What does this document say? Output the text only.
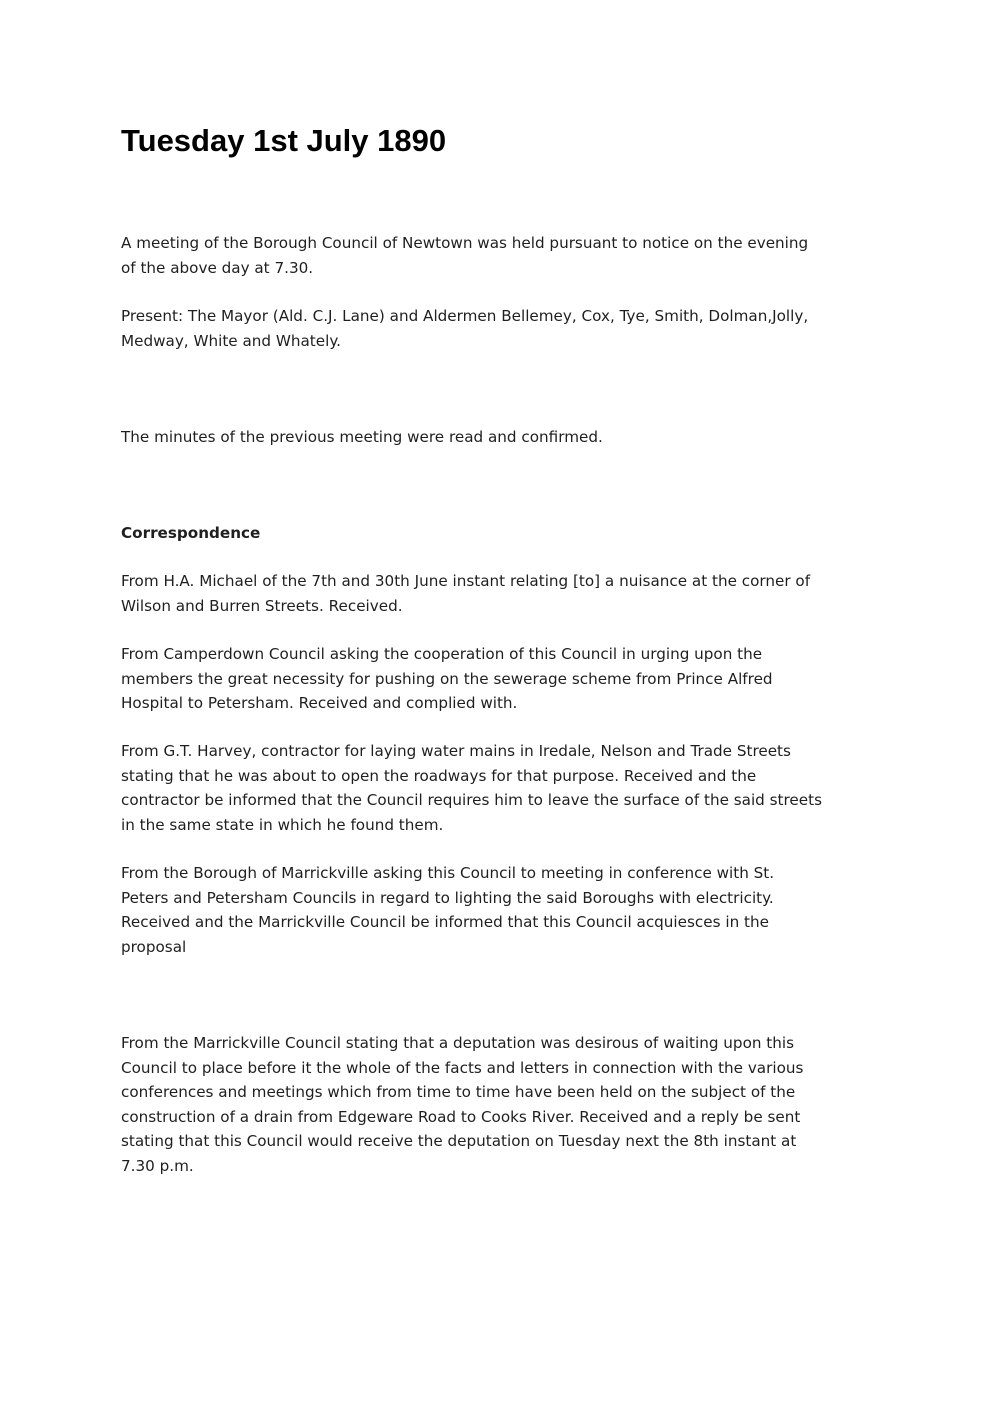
Tuesday 1st July 1890

A meeting of the Borough Council of Newtown was held pursuant to notice on the evening
of the above day at 7.30.

Present: The Mayor (Ald. C.J. Lane) and Aldermen Bellemey, Cox, Tye, Smith, Dolman,Jolly,
Medway, White and Whately.

The minutes of the previous meeting were read and confirmed.

Correspondence

From H.A. Michael of the 7th and 30th June instant relating [to] a nuisance at the corner of
Wilson and Burren Streets. Received.

From Camperdown Council asking the cooperation of this Council in urging upon the
members the great necessity for pushing on the sewerage scheme from Prince Alfred
Hospital to Petersham. Received and complied with.

From G.T. Harvey, contractor for laying water mains in Iredale, Nelson and Trade Streets
stating that he was about to open the roadways for that purpose. Received and the
contractor be informed that the Council requires him to leave the surface of the said streets
in the same state in which he found them.

From the Borough of Marrickville asking this Council to meeting in conference with St.
Peters and Petersham Councils in regard to lighting the said Boroughs with electricity.
Received and the Marrickville Council be informed that this Council acquiesces in the
proposal

From the Marrickville Council stating that a deputation was desirous of waiting upon this
Council to place before it the whole of the facts and letters in connection with the various
conferences and meetings which from time to time have been held on the subject of the
construction of a drain from Edgeware Road to Cooks River. Received and a reply be sent
stating that this Council would receive the deputation on Tuesday next the 8th instant at
7.30 p.m.
